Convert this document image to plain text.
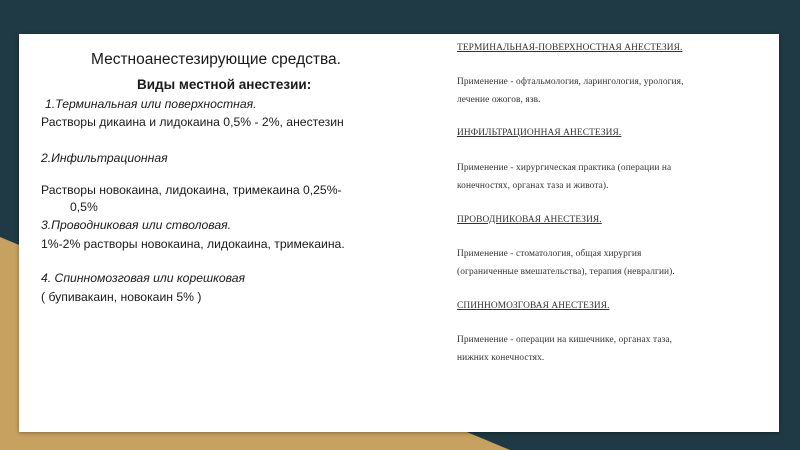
Местноанестезирующие средства.
Виды местной анестезии:
1.Терминальная или поверхностная.
Растворы дикаина и лидокаина 0,5% - 2%, анестезин
2.Инфильтрационная
Растворы новокаина, лидокаина, тримекаина 0,25%-
0,5%
3.Проводниковая или стволовая.
1%-2% растворы новокаина, лидокаина, тримекаина.
4. Спинномозговая или корешковая
( бупивакаин, новокаин 5% )
ТЕРМИНАЛЬНАЯ-ПОВЕРХНОСТНАЯ АНЕСТЕЗИЯ.
Применение - офтальмология, ларингология, урология,
лечение ожогов, язв.
ИНФИЛЬТРАЦИОННАЯ АНЕСТЕЗИЯ.
Применение - хирургическая практика (операции на
конечностях, органах таза и живота).
ПРОВОДНИКОВАЯ АНЕСТЕЗИЯ.
Применение - стоматология, общая хирургия
(ограниченные вмешательства), терапия (невралгии).
СПИННОМОЗГОВАЯ АНЕСТЕЗИЯ.
Применение - операции на кишечнике, органах таза,
нижних конечностях.
